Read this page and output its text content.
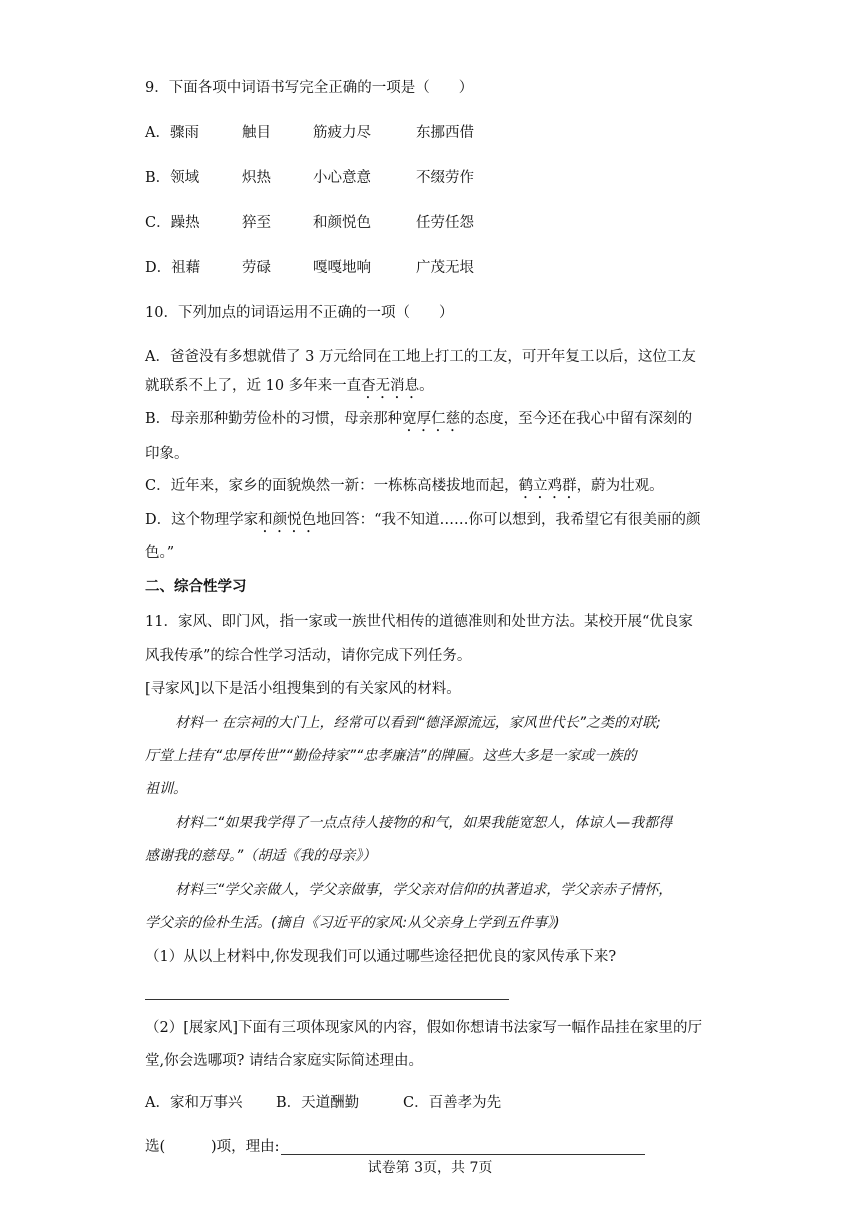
9．下面各项中词语书写完全正确的一项是（　　）
A．骤雨	触目	筋疲力尽	东挪西借
B．领域	炽热	小心意意	不缀劳作
C．躁热	猝至	和颜悦色	任劳任怨
D．祖藉	劳碌	嘎嘎地响	广茂无垠
10．下列加点的词语运用不正确的一项（　　）
A．爸爸没有多想就借了 3 万元给同在工地上打工的工友，可开年复工以后，这位工友
就联系不上了，近 10 多年来一直杳无消息。
B．母亲那种勤劳俭朴的习惯，母亲那种宽厚仁慈的态度，至今还在我心中留有深刻的
印象。
C．近年来，家乡的面貌焕然一新：一栋栋高楼拔地而起，鹤立鸡群，蔚为壮观。
D．这个物理学家和颜悦色地回答：“我不知道……你可以想到，我希望它有很美丽的颜
色。”
二、综合性学习
11．家风、即门风，指一家或一族世代相传的道德准则和处世方法。某校开展“优良家
风我传承”的综合性学习活动，请你完成下列任务。
[寻家风]以下是活小组搜集到的有关家风的材料。
材料一 在宗祠的大门上，经常可以看到“德泽源流远，家风世代长”之类的对联;
厅堂上挂有“忠厚传世”“勤俭持家”“忠孝廉洁”的牌匾。这些大多是一家或一族的
祖训。
材料二“如果我学得了一点点待人接物的和气，如果我能宽恕人，体谅人—我都得
感谢我的慈母。”（胡适《我的母亲》）
材料三“学父亲做人，学父亲做事，学父亲对信仰的执著追求，学父亲赤子情怀，
学父亲的俭朴生活。(摘自《习近平的家风:从父亲身上学到五件事》)
（1）从以上材料中,你发现我们可以通过哪些途径把优良的家风传承下来?
（2）[展家风]下面有三项体现家风的内容，假如你想请书法家写一幅作品挂在家里的厅
堂,你会选哪项? 请结合家庭实际简述理由。
A．家和万事兴 B．天道酬勤	C．百善孝为先
选(	)项，理由:
试卷第 3页，共 7页
